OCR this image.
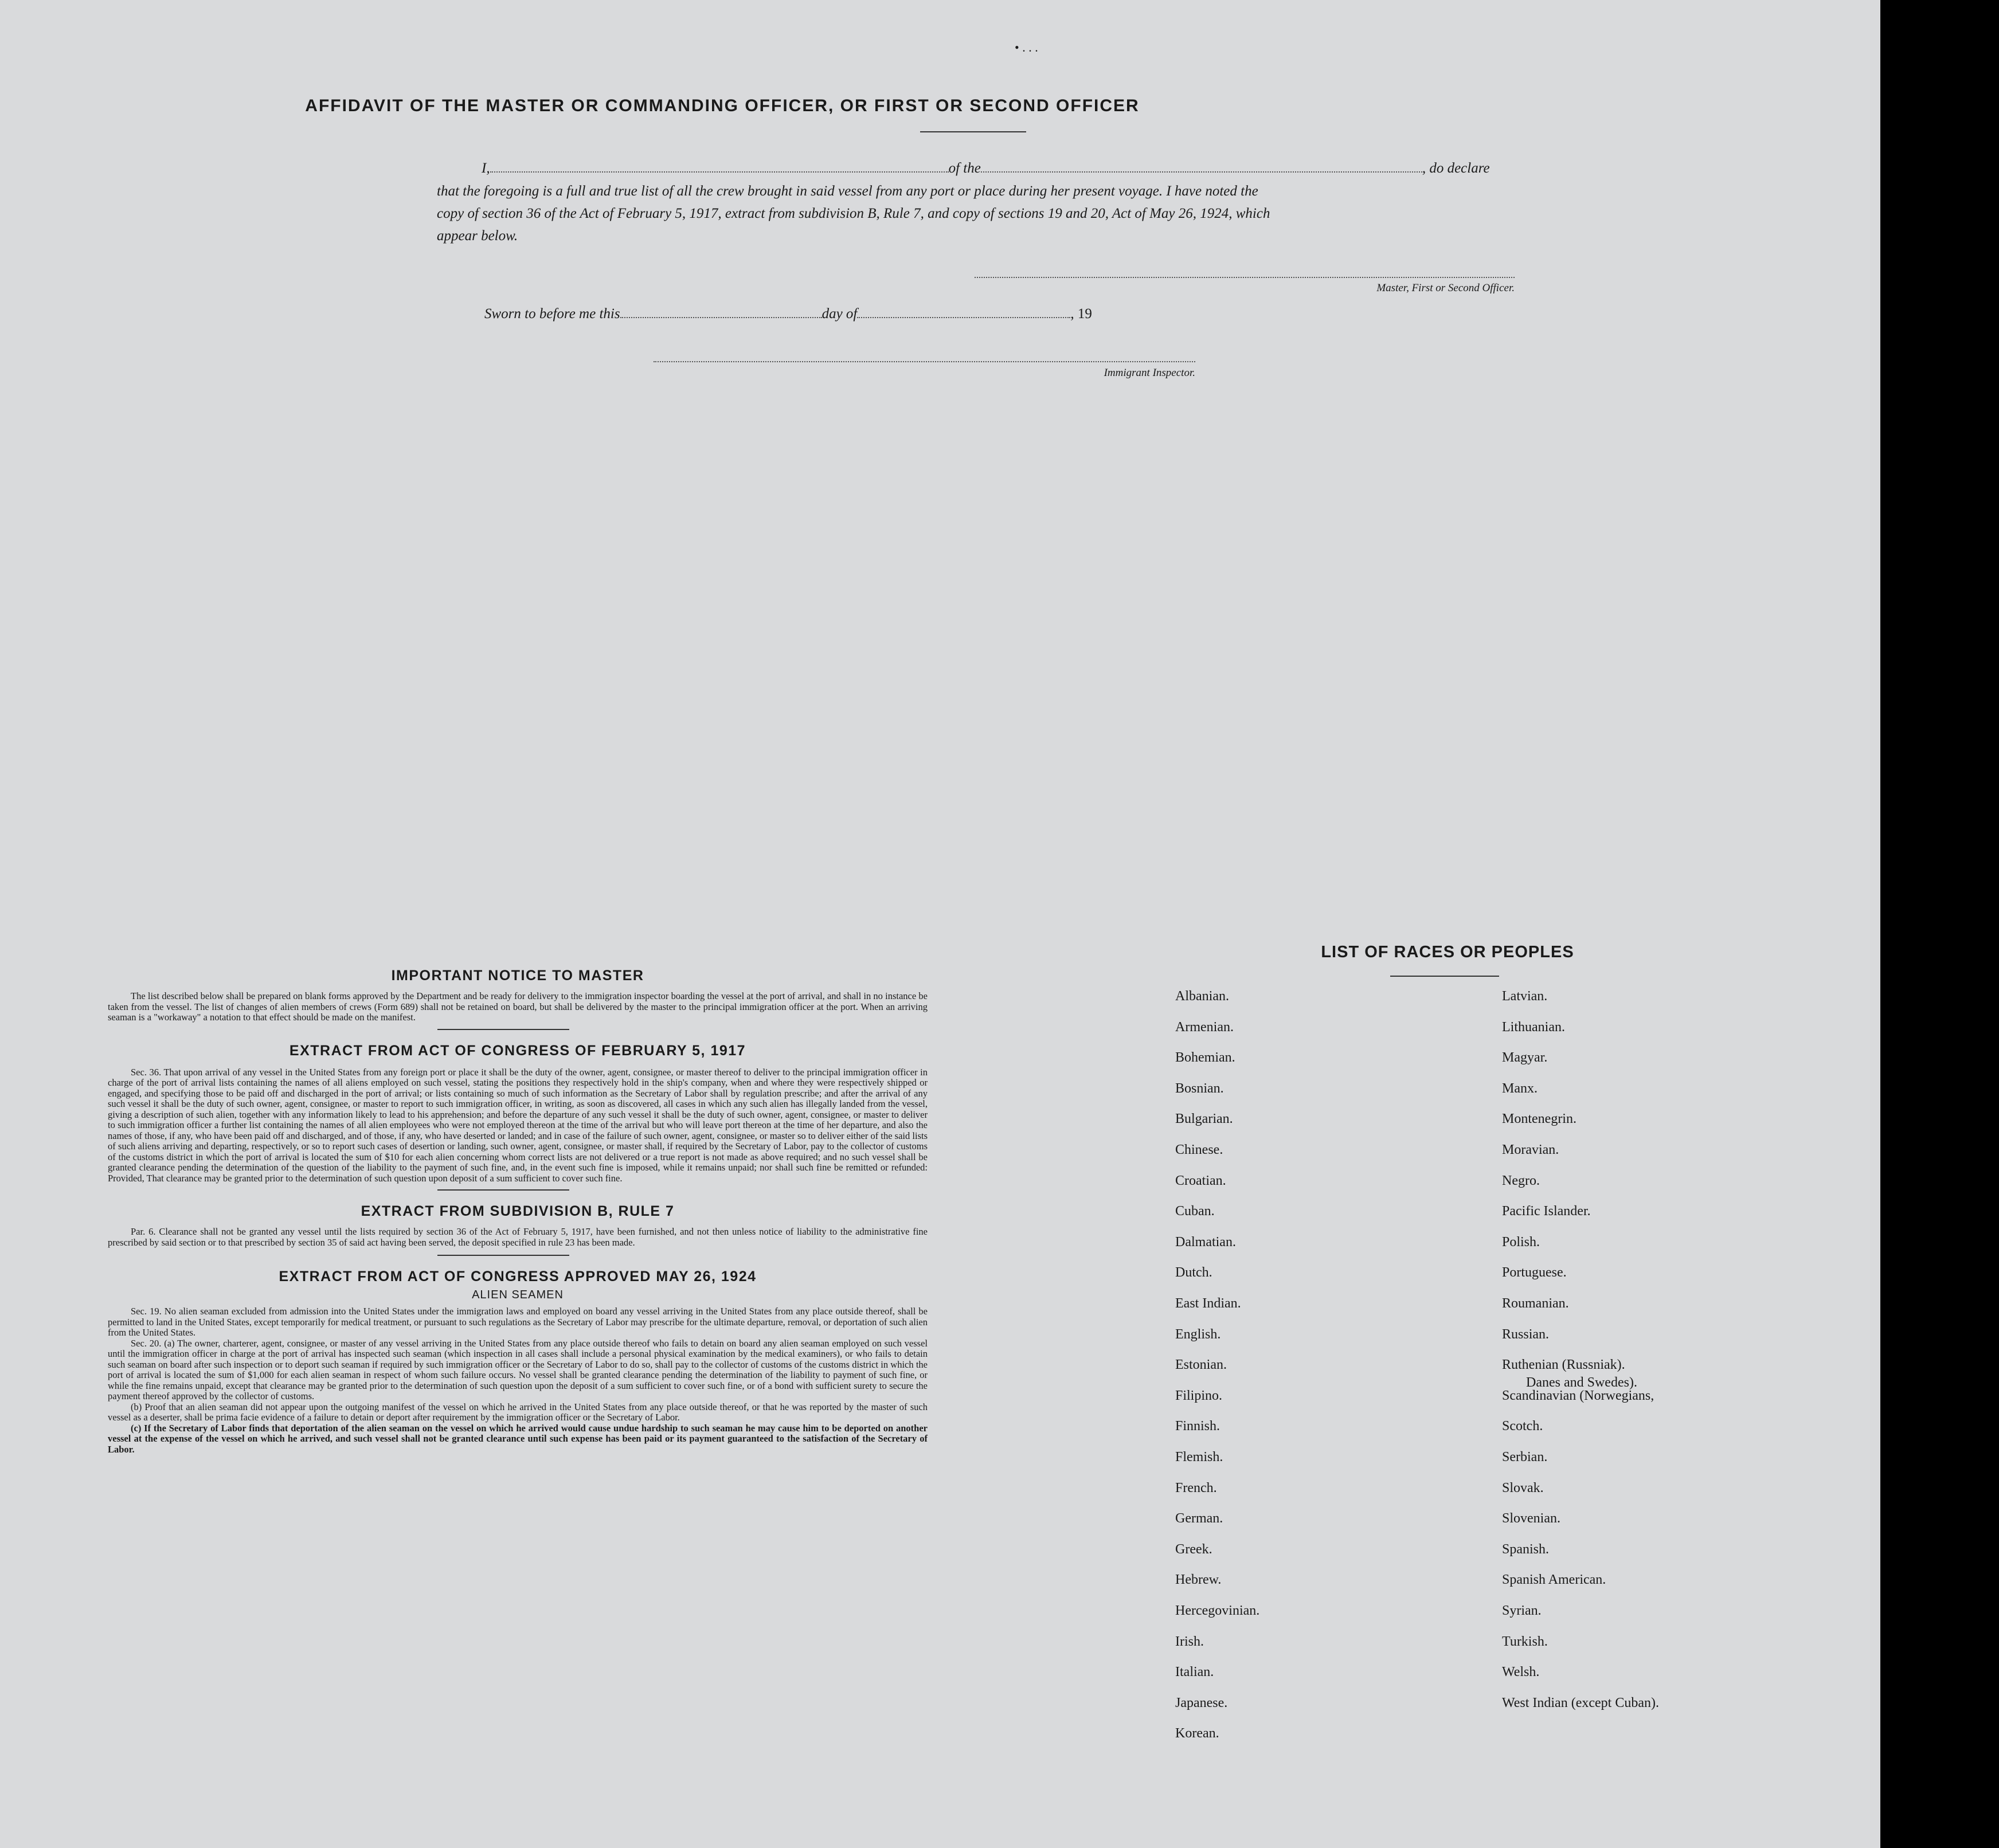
• . . .
AFFIDAVIT OF THE MASTER OR COMMANDING OFFICER, OR FIRST OR SECOND OFFICER
I,	of the	, do declare
that the foregoing is a full and true list of all the crew brought in said vessel from any port or place during her present voyage. I have noted the
copy of section 36 of the Act of February 5, 1917, extract from subdivision B, Rule 7, and copy of sections 19 and 20, Act of May 26, 1924, which
appear below.
Master, First or Second Officer.
Sworn to before me this	day of	, 19
Immigrant Inspector.
IMPORTANT NOTICE TO MASTER

The list described below shall be prepared on blank forms approved by the Department and be ready for delivery to the immigration inspector boarding the vessel at the port of arrival, and shall in no instance be taken from the vessel. The list of changes of alien members of crews (Form 689) shall not be retained on board, but shall be delivered by the master to the principal immigration officer at the port. When an arriving seaman is a "workaway" a notation to that effect should be made on the manifest.

EXTRACT FROM ACT OF CONGRESS OF FEBRUARY 5, 1917

Sec. 36. That upon arrival of any vessel in the United States from any foreign port or place it shall be the duty of the owner, agent, consignee, or master thereof to deliver to the principal immigration officer in charge of the port of arrival lists containing the names of all aliens employed on such vessel, stating the positions they respectively hold in the ship's company, when and where they were respectively shipped or engaged, and specifying those to be paid off and discharged in the port of arrival; or lists containing so much of such information as the Secretary of Labor shall by regulation prescribe; and after the arrival of any such vessel it shall be the duty of such owner, agent, consignee, or master to report to such immigration officer, in writing, as soon as discovered, all cases in which any such alien has illegally landed from the vessel, giving a description of such alien, together with any information likely to lead to his apprehension; and before the departure of any such vessel it shall be the duty of such owner, agent, consignee, or master to deliver to such immigration officer a further list containing the names of all alien employees who were not employed thereon at the time of the arrival but who will leave port thereon at the time of her departure, and also the names of those, if any, who have been paid off and discharged, and of those, if any, who have deserted or landed; and in case of the failure of such owner, agent, consignee, or master so to deliver either of the said lists of such aliens arriving and departing, respectively, or so to report such cases of desertion or landing, such owner, agent, consignee, or master shall, if required by the Secretary of Labor, pay to the collector of customs of the customs district in which the port of arrival is located the sum of $10 for each alien concerning whom correct lists are not delivered or a true report is not made as above required; and no such vessel shall be granted clearance pending the determination of the question of the liability to the payment of such fine, and, in the event such fine is imposed, while it remains unpaid; nor shall such fine be remitted or refunded: Provided, That clearance may be granted prior to the determination of such question upon deposit of a sum sufficient to cover such fine.

EXTRACT FROM SUBDIVISION B, RULE 7

Par. 6. Clearance shall not be granted any vessel until the lists required by section 36 of the Act of February 5, 1917, have been furnished, and not then unless notice of liability to the administrative fine prescribed by said section or to that prescribed by section 35 of said act having been served, the deposit specified in rule 23 has been made.

EXTRACT FROM ACT OF CONGRESS APPROVED MAY 26, 1924
ALIEN SEAMEN

Sec. 19. No alien seaman excluded from admission into the United States under the immigration laws and employed on board any vessel arriving in the United States from any place outside thereof, shall be permitted to land in the United States, except temporarily for medical treatment, or pursuant to such regulations as the Secretary of Labor may prescribe for the ultimate departure, removal, or deportation of such alien from the United States.

Sec. 20. (a) The owner, charterer, agent, consignee, or master of any vessel arriving in the United States from any place outside thereof who fails to detain on board any alien seaman employed on such vessel until the immigration officer in charge at the port of arrival has inspected such seaman (which inspection in all cases shall include a personal physical examination by the medical examiners), or who fails to detain such seaman on board after such inspection or to deport such seaman if required by such immigration officer or the Secretary of Labor to do so, shall pay to the collector of customs of the customs district in which the port of arrival is located the sum of $1,000 for each alien seaman in respect of whom such failure occurs. No vessel shall be granted clearance pending the determination of the liability to payment of such fine, or while the fine remains unpaid, except that clearance may be granted prior to the determination of such question upon the deposit of a sum sufficient to cover such fine, or of a bond with sufficient surety to secure the payment thereof approved by the collector of customs.

(b) Proof that an alien seaman did not appear upon the outgoing manifest of the vessel on which he arrived in the United States from any place outside thereof, or that he was reported by the master of such vessel as a deserter, shall be prima facie evidence of a failure to detain or deport after requirement by the immigration officer or the Secretary of Labor.

(c) If the Secretary of Labor finds that deportation of the alien seaman on the vessel on which he arrived would cause undue hardship to such seaman he may cause him to be deported on another vessel at the expense of the vessel on which he arrived, and such vessel shall not be granted clearance until such expense has been paid or its payment guaranteed to the satisfaction of the Secretary of Labor.

LIST OF RACES OR PEOPLES
Albanian.
Armenian.
Bohemian.
Bosnian.
Bulgarian.
Chinese.
Croatian.
Cuban.
Dalmatian.
Dutch.
East Indian.
English.
Estonian.
Filipino.
Finnish.
Flemish.
French.
German.
Greek.
Hebrew.
Hercegovinian.
Irish.
Italian.
Japanese.
Korean.
Latvian.
Lithuanian.
Magyar.
Manx.
Montenegrin.
Moravian.
Negro.
Pacific Islander.
Polish.
Portuguese.
Roumanian.
Russian.
Ruthenian (Russniak).
Scandinavian (Norwegians,
Danes and Swedes).
Scotch.
Serbian.
Slovak.
Slovenian.
Spanish.
Spanish American.
Syrian.
Turkish.
Welsh.
West Indian (except Cuban).
